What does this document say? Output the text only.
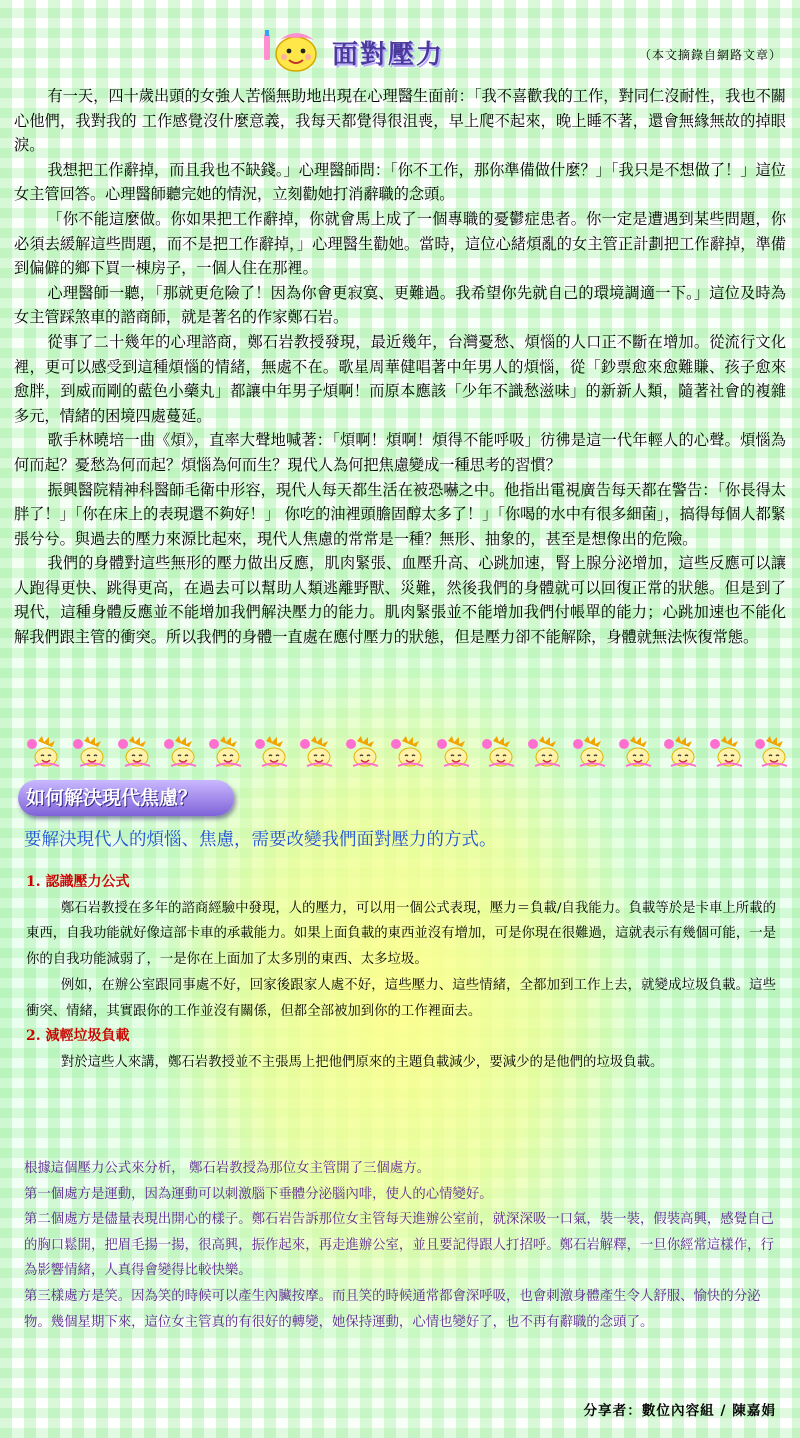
面對壓力	（本文摘錄自網路文章）

有一天，四十歲出頭的女強人苦惱無助地出現在心理醫生面前：「我不喜歡我的工作，對同仁沒耐性，我也不關心他們，我對我的 工作感覺沒什麼意義，我每天都覺得很沮喪，早上爬不起來，晚上睡不著，還會無緣無故的掉眼淚。

我想把工作辭掉，而且我也不缺錢。」心理醫師問：「你不工作，那你準備做什麼？」「我只是不想做了！」這位女主管回答。心理醫師聽完她的情況，立刻勸她打消辭職的念頭。

「你不能這麼做。你如果把工作辭掉，你就會馬上成了一個專職的憂鬱症患者。你一定是遭遇到某些問題，你必須去緩解這些問題，而不是把工作辭掉，」心理醫生勸她。當時，這位心緒煩亂的女主管正計劃把工作辭掉，準備到偏僻的鄉下買一棟房子，一個人住在那裡。

心理醫師一聽，「那就更危險了！因為你會更寂寞、更難過。我希望你先就自己的環境調適一下。」這位及時為女主管踩煞車的諮商師，就是著名的作家鄭石岩。

從事了二十幾年的心理諮商，鄭石岩教授發現，最近幾年，台灣憂愁、煩惱的人口正不斷在增加。從流行文化裡，更可以感受到這種煩惱的情緒，無處不在。歌星周華健唱著中年男人的煩惱，從「鈔票愈來愈難賺、孩子愈來愈胖，到威而剛的藍色小藥丸」都讓中年男子煩啊！而原本應該「少年不識愁滋味」的新新人類，隨著社會的複雜多元，情緒的困境四處蔓延。

歌手林曉培一曲《煩》，直率大聲地喊著：「煩啊！煩啊！煩得不能呼吸」彷彿是這一代年輕人的心聲。煩惱為何而起？憂愁為何而起？煩惱為何而生？現代人為何把焦慮變成一種思考的習慣？

振興醫院精神科醫師毛衛中形容，現代人每天都生活在被恐嚇之中。他指出電視廣告每天都在警告：「你長得太胖了！」「你在床上的表現還不夠好！」 你吃的油裡頭膽固醇太多了！」「你喝的水中有很多細菌」，搞得每個人都緊張兮兮。與過去的壓力來源比起來，現代人焦慮的常常是一種？無形、抽象的，甚至是想像出的危險。

我們的身體對這些無形的壓力做出反應，肌肉緊張、血壓升高、心跳加速，腎上腺分泌增加，這些反應可以讓人跑得更快、跳得更高，在過去可以幫助人類逃離野獸、災難，然後我們的身體就可以回復正常的狀態。但是到了現代，這種身體反應並不能增加我們解決壓力的能力。肌肉緊張並不能增加我們付帳單的能力；心跳加速也不能化解我們跟主管的衝突。所以我們的身體一直處在應付壓力的狀態，但是壓力卻不能解除，身體就無法恢復常態。

如何解決現代焦慮？
要解決現代人的煩惱、焦慮，需要改變我們面對壓力的方式。
1. 認識壓力公式

鄭石岩教授在多年的諮商經驗中發現，人的壓力，可以用一個公式表現，壓力＝負載/自我能力。負載等於是卡車上所載的東西，自我功能就好像這部卡車的承載能力。如果上面負載的東西並沒有增加，可是你現在很難過，這就表示有幾個可能，一是你的自我功能減弱了，一是你在上面加了太多別的東西、太多垃圾。

例如，在辦公室跟同事處不好，回家後跟家人處不好，這些壓力、這些情緒，全都加到工作上去，就變成垃圾負載。這些衝突、情緒，其實跟你的工作並沒有關係，但都全部被加到你的工作裡面去。

2. 減輕垃圾負載

對於這些人來講，鄭石岩教授並不主張馬上把他們原來的主題負載減少，要減少的是他們的垃圾負載。

根據這個壓力公式來分析， 鄭石岩教授為那位女主管開了三個處方。

第一個處方是運動，因為運動可以刺激腦下垂體分泌腦內啡，使人的心情變好。

第二個處方是儘量表現出開心的樣子。鄭石岩告訴那位女主管每天進辦公室前，就深深吸一口氣，裝一裝，假裝高興，感覺自己的胸口鬆開，把眉毛揚一揚，很高興，振作起來，再走進辦公室，並且要記得跟人打招呼。鄭石岩解釋，一旦你經常這樣作，行為影響情緒，人真得會變得比較快樂。

第三樣處方是笑。因為笑的時候可以產生內臟按摩。而且笑的時候通常都會深呼吸，也會刺激身體產生令人舒服、愉快的分泌物。幾個星期下來，這位女主管真的有很好的轉變，她保持運動，心情也變好了，也不再有辭職的念頭了。

分享者：數位內容組 / 陳嘉娟
